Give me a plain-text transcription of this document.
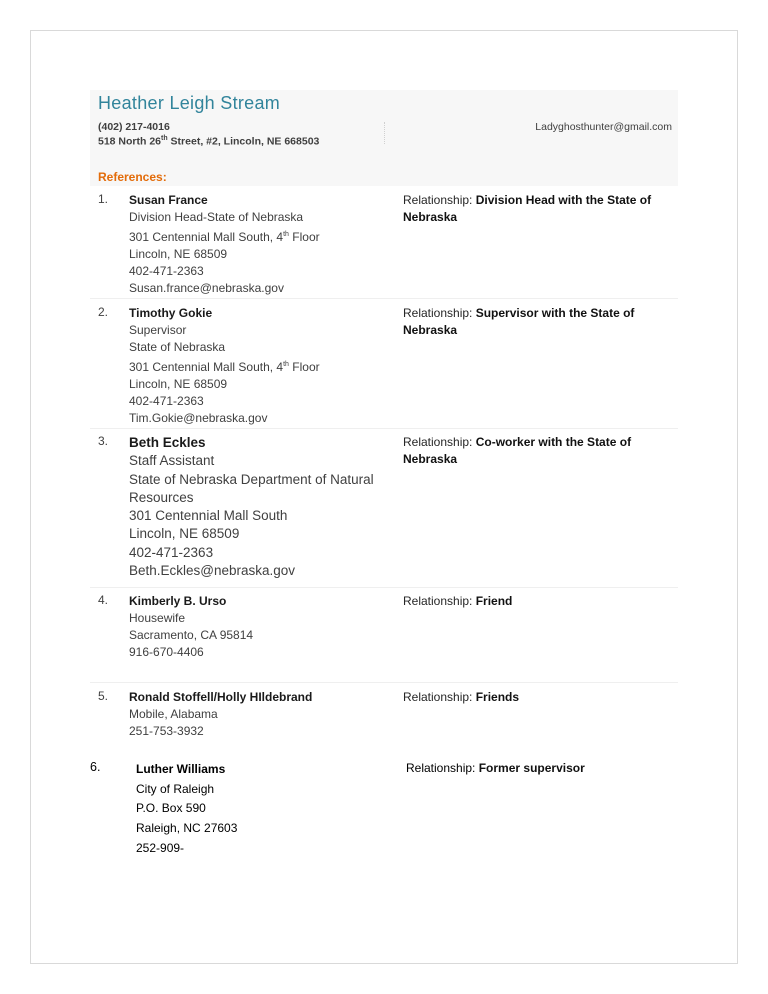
Heather Leigh Stream
(402) 217-4016
518 North 26th Street, #2, Lincoln, NE 668503
Ladyghosthunter@gmail.com
References:
1. Susan France
Division Head-State of Nebraska
301 Centennial Mall South, 4th Floor
Lincoln, NE 68509
402-471-2363
Susan.france@nebraska.gov
Relationship: Division Head with the State of Nebraska
2. Timothy Gokie
Supervisor
State of Nebraska
301 Centennial Mall South, 4th Floor
Lincoln, NE 68509
402-471-2363
Tim.Gokie@nebraska.gov
Relationship: Supervisor with the State of Nebraska
3. Beth Eckles
Staff Assistant
State of Nebraska Department of Natural Resources
301 Centennial Mall South
Lincoln, NE 68509
402-471-2363
Beth.Eckles@nebraska.gov
Relationship: Co-worker with the State of Nebraska
4. Kimberly B. Urso
Housewife
Sacramento, CA 95814
916-670-4406
Relationship: Friend
5. Ronald Stoffell/Holly HIldebrand
Mobile, Alabama
251-753-3932
Relationship: Friends
6.	Luther Williams
City of Raleigh
P.O. Box 590
Raleigh, NC 27603
252-909-
Relationship: Former supervisor
